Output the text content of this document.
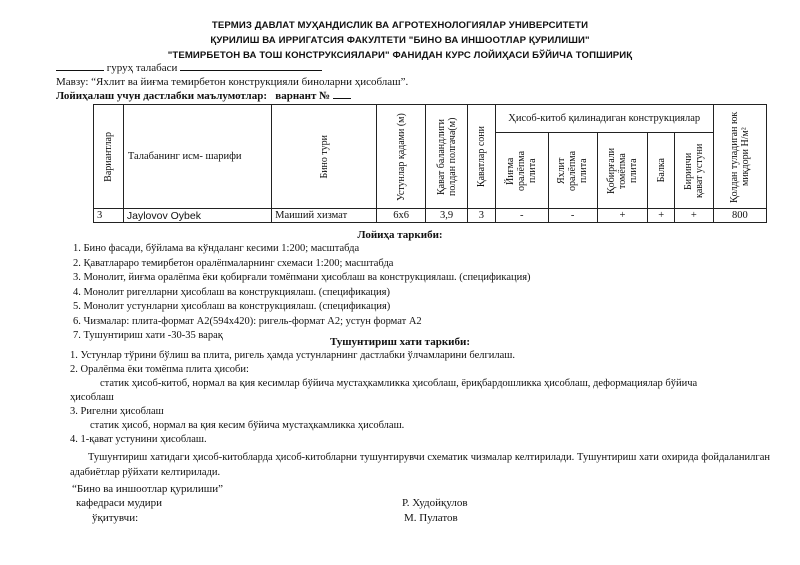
ТЕРМИЗ ДАВЛАТ МУҲАНДИСЛИК ВА АГРОТЕХНОЛОГИЯЛАР УНИВЕРСИТЕТИ
ҚУРИЛИШ ВА ИРРИГАТСИЯ ФАКУЛТЕТИ "БИНО ВА ИНШООТЛАР ҚУРИЛИШИ"
"ТЕМИРБЕТОН ВА ТОШ КОНСТРУКСИЯЛАРИ" ФАНИДАН КУРС ЛОЙИҲАСИ БЎЙИЧА ТОПШИРИҚ
гуруҳ талабаси
Мавзу: “Яхлит ва йиғма темирбетон конструкцияли биноларни ҳисоблаш”.
Лойиҳалаш учун дастлабки маълумотлар: варнант №
Вариантлар	Талабанинг исм- шарифи	Бино тури	Устунлар қадами (м)	Қават баландлиги полдан полгача(м)	Қаватлар сони	Ҳисоб-китоб қилинадиган конструкциялар					Қолдан туладиган юк миқдори Н/м²

						Йиғма оралёпма плита	Яхлит оралёпма плита	Қобирғали томёпма плита	Балка	Биринчи қават устуни	

3	Jaylovov Oybek	Маиший хизмат	6x6	3,9	3	-	-	+	+	+	800
Лойиҳа таркиби:
1. Бино фасади, бўйлама ва кўндаланг кесими 1:200; масштабда
2. Қаватлараро темирбетон оралёпмаларнинг схемаси 1:200; масштабда
3. Монолит, йиғма оралёпма ёки қобирғали томёпмани ҳисоблаш ва конструкциялаш. (спецификация)
4. Монолит ригелларни ҳисоблаш ва конструкциялаш. (спецификация)
5. Монолит устунларни ҳисоблаш ва конструкциялаш. (спецификация)
6. Чизмалар: плита-формат А2(594х420): ригель-формат А2; устун формат А2
7. Тушунтириш хати -30-35 варақ
Тушунтириш хати таркиби:
1. Устунлар тўрини бўлиш ва плита, ригель ҳамда устунларнинг дастлабки ўлчамларини белгилаш.
2. Оралёпма ёки томёпма плита ҳисоби:
статик ҳисоб-китоб, нормал ва қия кесимлар бўйича мустаҳкамликка ҳисоблаш, ёриқбардошликка ҳисоблаш, деформациялар бўйича
ҳисоблаш
3. Ригелни ҳисоблаш
статик ҳисоб, нормал ва қия кесим бўйича мустаҳкамликка ҳисоблаш.
4. 1-қават устунини ҳисоблаш.
Тушунтириш хатидаги ҳисоб-китобларда ҳисоб-китобларни тушунтирувчи схематик чизмалар келтирилади. Тушунтириш хати охирида фойдаланилган адабиётлар рўйхати келтирилади.
“Бино ва иншоотлар қурилиши”
кафедраси мудири	Р. Худойқулов
ўқитувчи:	М. Пулатов
